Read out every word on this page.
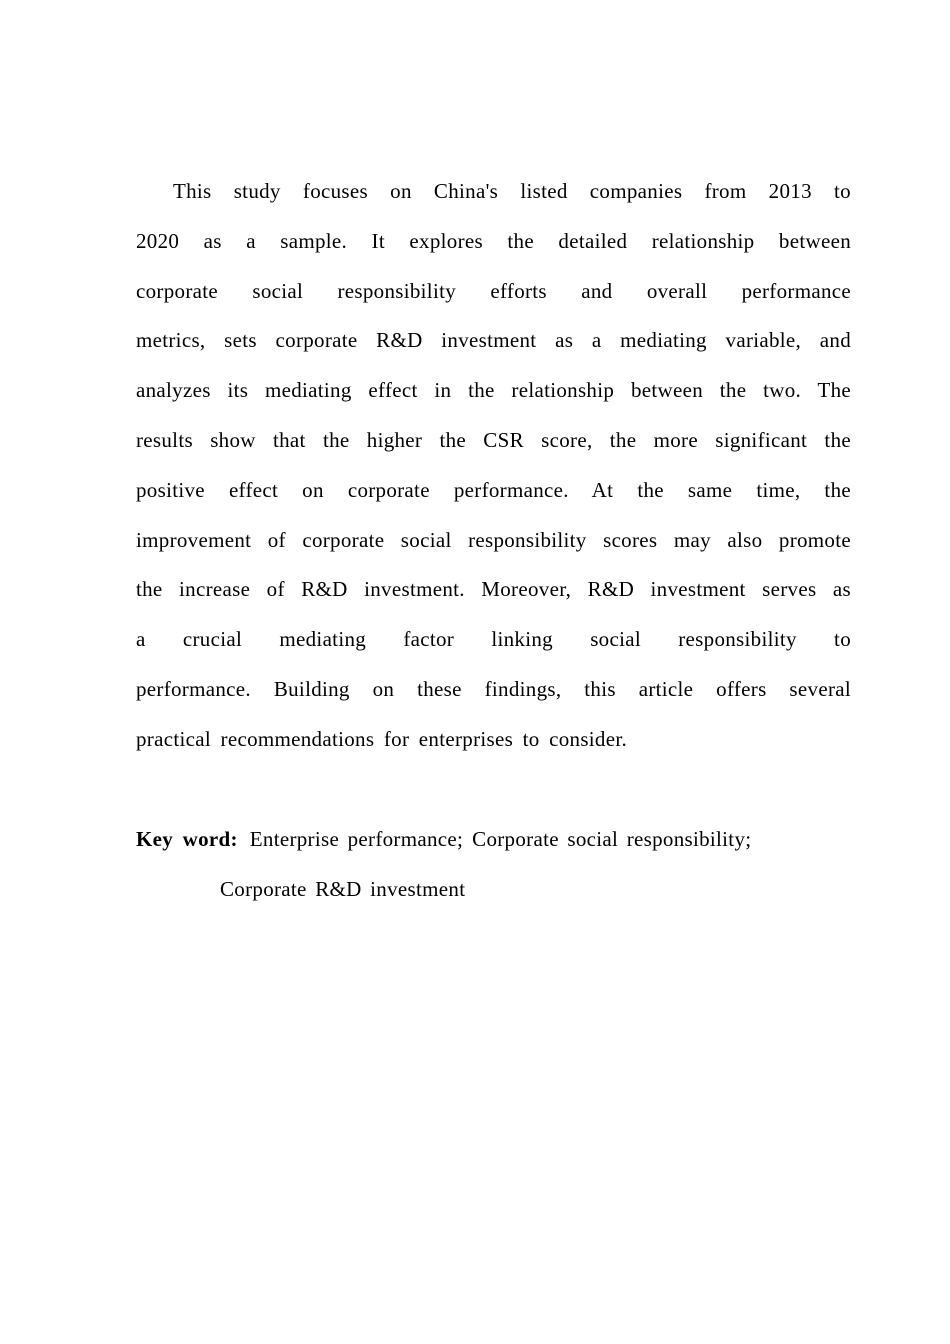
This study focuses on China's listed companies from 2013 to
2020 as a sample. It explores the detailed relationship between
corporate social responsibility efforts and overall performance
metrics, sets corporate R&D investment as a mediating variable, and
analyzes its mediating effect in the relationship between the two. The
results show that the higher the CSR score, the more significant the
positive effect on corporate performance. At the same time, the
improvement of corporate social responsibility scores may also promote
the increase of R&D investment. Moreover, R&D investment serves as
a crucial mediating factor linking social responsibility to
performance. Building on these findings, this article offers several
practical recommendations for enterprises to consider.
Key word: Enterprise performance; Corporate social responsibility;
Corporate R&D investment
